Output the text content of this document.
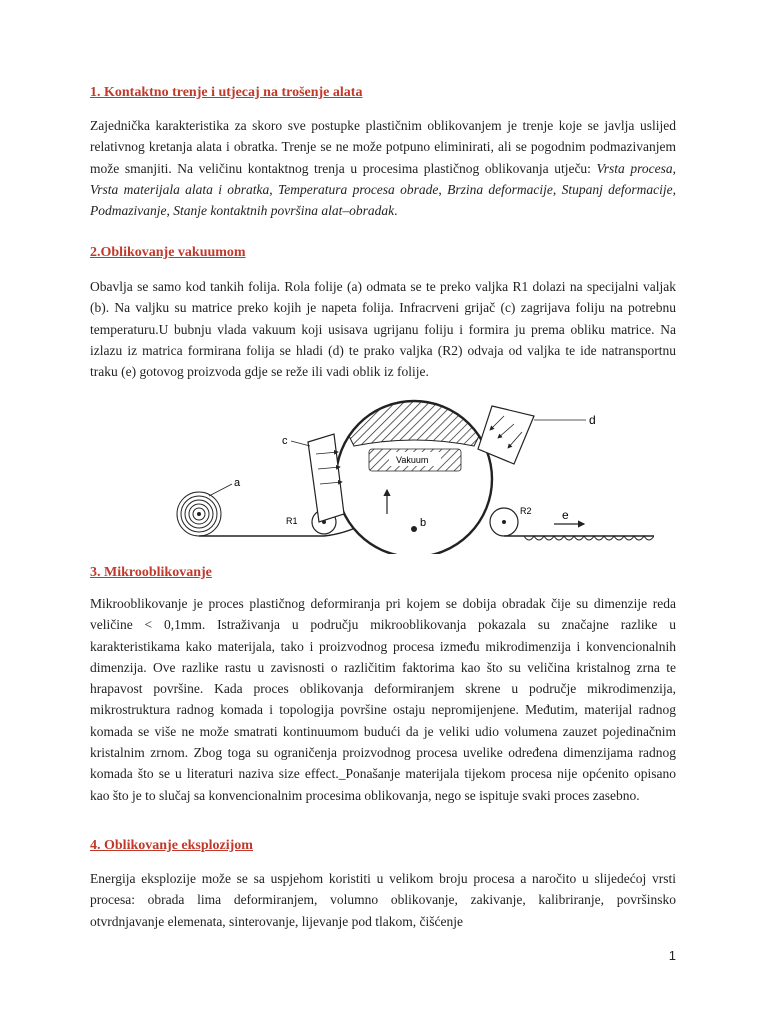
1. Kontaktno trenje i utjecaj na trošenje alata

Zajednička karakteristika za skoro sve postupke plastičnim oblikovanjem je trenje koje se javlja uslijed relativnog kretanja alata i obratka. Trenje se ne može potpuno eliminirati, ali se pogodnim podmazivanjem može smanjiti. Na veličinu kontaktnog trenja u procesima plastičnog oblikovanja utječu: Vrsta procesa, Vrsta materijala alata i obratka, Temperatura procesa obrade, Brzina deformacije, Stupanj deformacije, Podmazivanje, Stanje kontaktnih površina alat–obradak.

2.Oblikovanje vakuumom

Obavlja se samo kod tankih folija. Rola folije (a) odmata se te preko valjka R1 dolazi na specijalni valjak (b). Na valjku su matrice preko kojih je napeta folija. Infracrveni grijač (c) zagrijava foliju na potrebnu temperaturu.U bubnju vlada vakuum koji usisava ugrijanu foliju i formira ju prema obliku matrice. Na izlazu iz matrica formirana folija se hladi (d) te prako valjka (R2) odvaja od valjka te ide natransportnu traku (e) gotovog proizvoda gdje se reže ili vadi oblik iz folije.

a
R1
Vakuum
b
c
d
R2	e
3. Mikrooblikovanje

Mikrooblikovanje je proces plastičnog deformiranja pri kojem se dobija obradak čije su dimenzije reda veličine < 0,1mm. Istraživanja u području mikrooblikovanja pokazala su značajne razlike u karakteristikama kako materijala, tako i proizvodnog procesa između mikrodimenzija i konvencionalnih dimenzija. Ove razlike rastu u zavisnosti o različitim faktorima kao što su veličina kristalnog zrna te hrapavost površine. Kada proces oblikovanja deformiranjem skrene u područje mikrodimenzija, mikrostruktura radnog komada i topologija površine ostaju nepromijenjene. Međutim, materijal radnog komada se više ne može smatrati kontinuumom budući da je veliki udio volumena zauzet pojedinačnim kristalnim zrnom. Zbog toga su ograničenja proizvodnog procesa uvelike određena dimenzijama radnog komada što se u literaturi naziva size effect._Ponašanje materijala tijekom procesa nije općenito opisano kao što je to slučaj sa konvencionalnim procesima oblikovanja, nego se ispituje svaki proces zasebno.

4. Oblikovanje eksplozijom

Energija eksplozije može se sa uspjehom koristiti u velikom broju procesa a naročito u slijedećoj vrsti procesa: obrada lima deformiranjem, volumno oblikovanje, zakivanje, kalibriranje, površinsko otvrdnjavanje elemenata, sinterovanje, lijevanje pod tlakom, čišćenje

1
